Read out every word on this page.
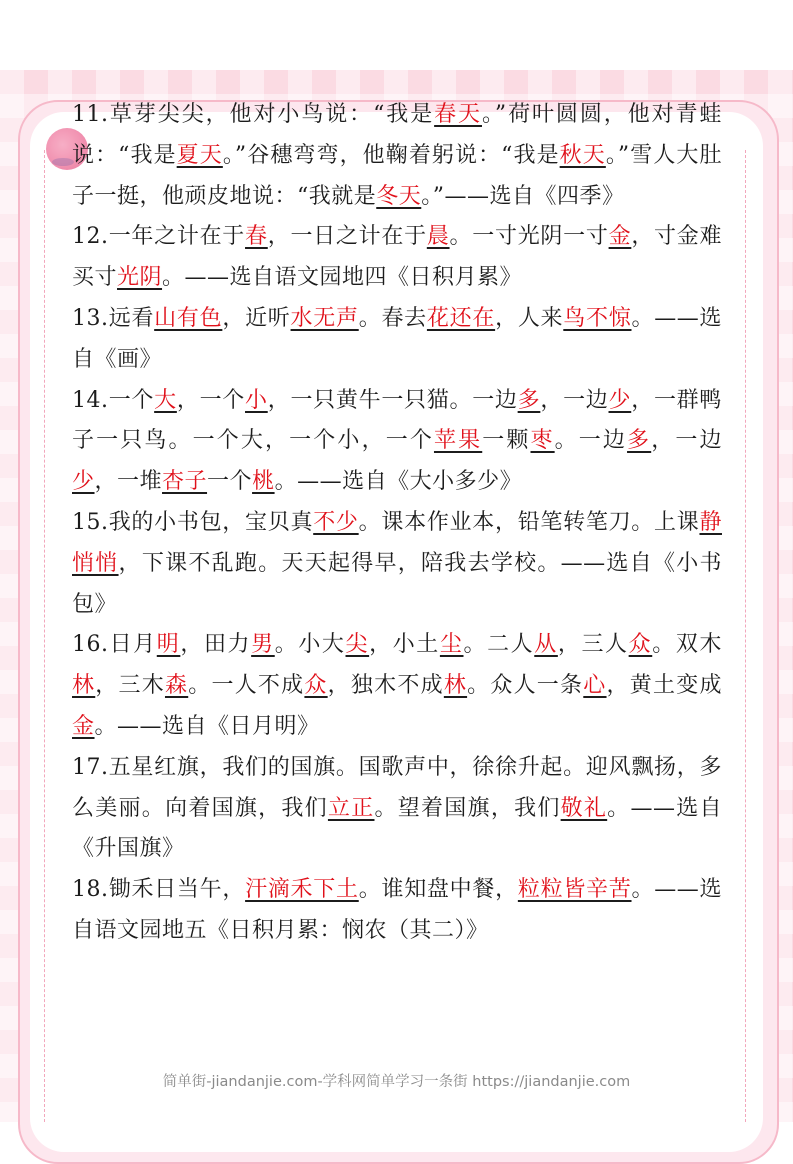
11.草芽尖尖，他对小鸟说：“我是春天。”荷叶圆圆，他对青蛙说：“我是夏天。”谷穗弯弯，他鞠着躬说：“我是秋天。”雪人大肚子一挺，他顽皮地说：“我就是冬天。”——选自《四季》

12.一年之计在于春，一日之计在于晨。一寸光阴一寸金，寸金难买寸光阴。——选自语文园地四《日积月累》

13.远看山有色，近听水无声。春去花还在，人来鸟不惊。——选自《画》

14.一个大，一个小，一只黄牛一只猫。一边多，一边少，一群鸭子一只鸟。一个大，一个小，一个苹果一颗枣。一边多，一边少，一堆杏子一个桃。——选自《大小多少》

15.我的小书包，宝贝真不少。课本作业本，铅笔转笔刀。上课静悄悄，下课不乱跑。天天起得早，陪我去学校。——选自《小书包》

16.日月明，田力男。小大尖，小土尘。二人从，三人众。双木林，三木森。一人不成众，独木不成林。众人一条心，黄土变成金。——选自《日月明》

17.五星红旗，我们的国旗。国歌声中，徐徐升起。迎风飘扬，多么美丽。向着国旗，我们立正。望着国旗，我们敬礼。——选自《升国旗》

18.锄禾日当午，汗滴禾下土。谁知盘中餐，粒粒皆辛苦。——选自语文园地五《日积月累：悯农（其二）》

简单街-jiandanjie.com-学科网简单学习一条街 https://jiandanjie.com
